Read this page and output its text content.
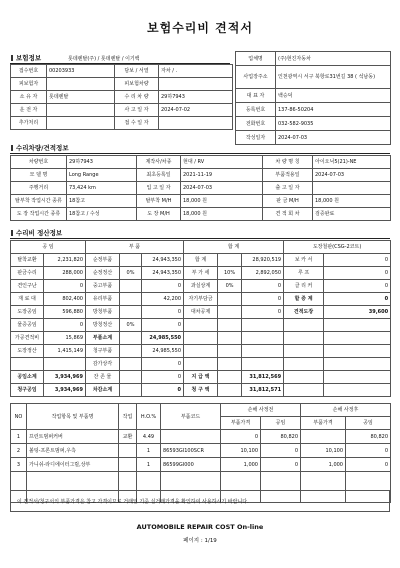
보험수리비 견적서
보험정보	롯데렌탈(주) / 롯데렌탈 / 이기백
접수번호	00203933	담보 / 서열	자차 / .
피보험자		피보험차량	
소 유 자	롯데렌탈	수 리 차 량	29하7943
운 전 자		사 고 일 자	2024-07-02
추가처리		접 수 일 자	
업체명	(주)현진자동차
사업장주소	인천광역시 서구 북항로31번길 38 ( 석남동)
대 표 자	백승덕
등록번호	137-86-50204
전화번호	032-582-9035
작성일자	2024-07-03
수리차량/견적정보
차량번호	29하7943	제작사/차종	현대 / RV	차 량 명 칭	아이오닉5(21)-NE
모 델 명	Long Range	최초등록일	2021-11-19	부품적용일	2024-07-03
주행거리	73,424 km	입 고 일 자	2024-07-03	출 고 일 자	
탈부착 작업시간 종류	18참고	탈부착 M/H	18,000 원	판 금 M/H	18,000 원
도 장 작업시간 종류	18참고 / 수성	도 장 M/H	18,000 원	견 적 회 차	검증완료
수리비 정산정보
공 임		부 품			합 계			도장철판(CSG-2코트)	
탈착교환	2,231,820	순정부품		24,943,350	합 계		28,920,519	보 카 서	0
판금수리	288,000	순정정산	0%	24,943,350	부 가 세	10%	2,892,050	루 프	0
견인구난	0	중고부품		0	과실상계	0%	0	클 리 커	0
재 료 대	802,400	유리부품		42,200	자기부담금		0	할 증 계	0
도장공임	596,880	방청부품		0	대차공제		0	견적도장	39,600
물증공임	0	방청정산	0%	0					
가공견적비	15,869	부품소계		24,985,550					
도장정산	1,415,149	청구부품		24,985,550					
		감가상각		0					
공임소계	3,934,969	잔 존 물		0	지 급 액		31,812,569		
청구공임	3,934,969	차감소계		0	청 구 액		31,812,571		
NO	작업항목 및 부품명	작업	H.O.%	부품코드	손해 사정전		손해 사정후	
					부품가격	공임	부품가격	공임
1	프런트범퍼커버	교환	4.49		0	80,820		80,820
2	볼팅-프론트범퍼,우측		1	86593GI100SCR	10,100	0	10,100	0
3	가니쉬-라디에이터그릴,상부		1	86599GI000	1,000	0	1,000	0

이 견적서/청구서의 부품가격은 참고 가격이므로 거래일 기준 실거래가격을 확인하여 사용하시기 바랍니다.
AUTOMOBILE REPAIR COST On-line
페이지 : 1/19
